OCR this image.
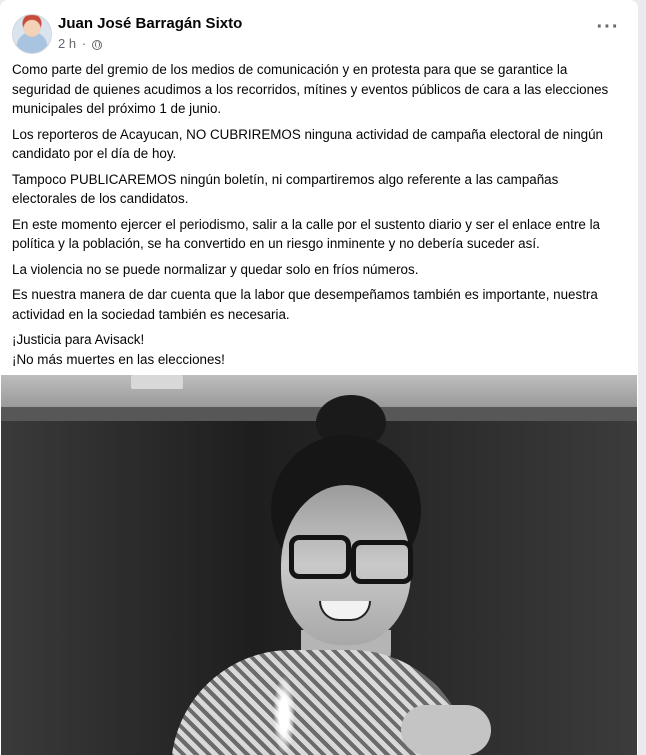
Juan José Barragán Sixto
2 h ·
···

Como parte del gremio de los medios de comunicación y en protesta para que se garantice la seguridad de quienes acudimos a los recorridos, mítines y eventos públicos de cara a las elecciones municipales del próximo 1 de junio.

Los reporteros de Acayucan, NO CUBRIREMOS ninguna actividad de campaña electoral de ningún candidato por el día de hoy.

Tampoco PUBLICAREMOS ningún boletín, ni compartiremos algo referente a las campañas electorales de los candidatos.

En este momento ejercer el periodismo, salir a la calle por el sustento diario y ser el enlace entre la política y la población, se ha convertido en un riesgo inminente y no debería suceder así.

La violencia no se puede normalizar y quedar solo en fríos números.

Es nuestra manera de dar cuenta que la labor que desempeñamos también es importante, nuestra actividad en la sociedad también es necesaria.

¡Justicia para Avisack!
¡No más muertes en las elecciones!
